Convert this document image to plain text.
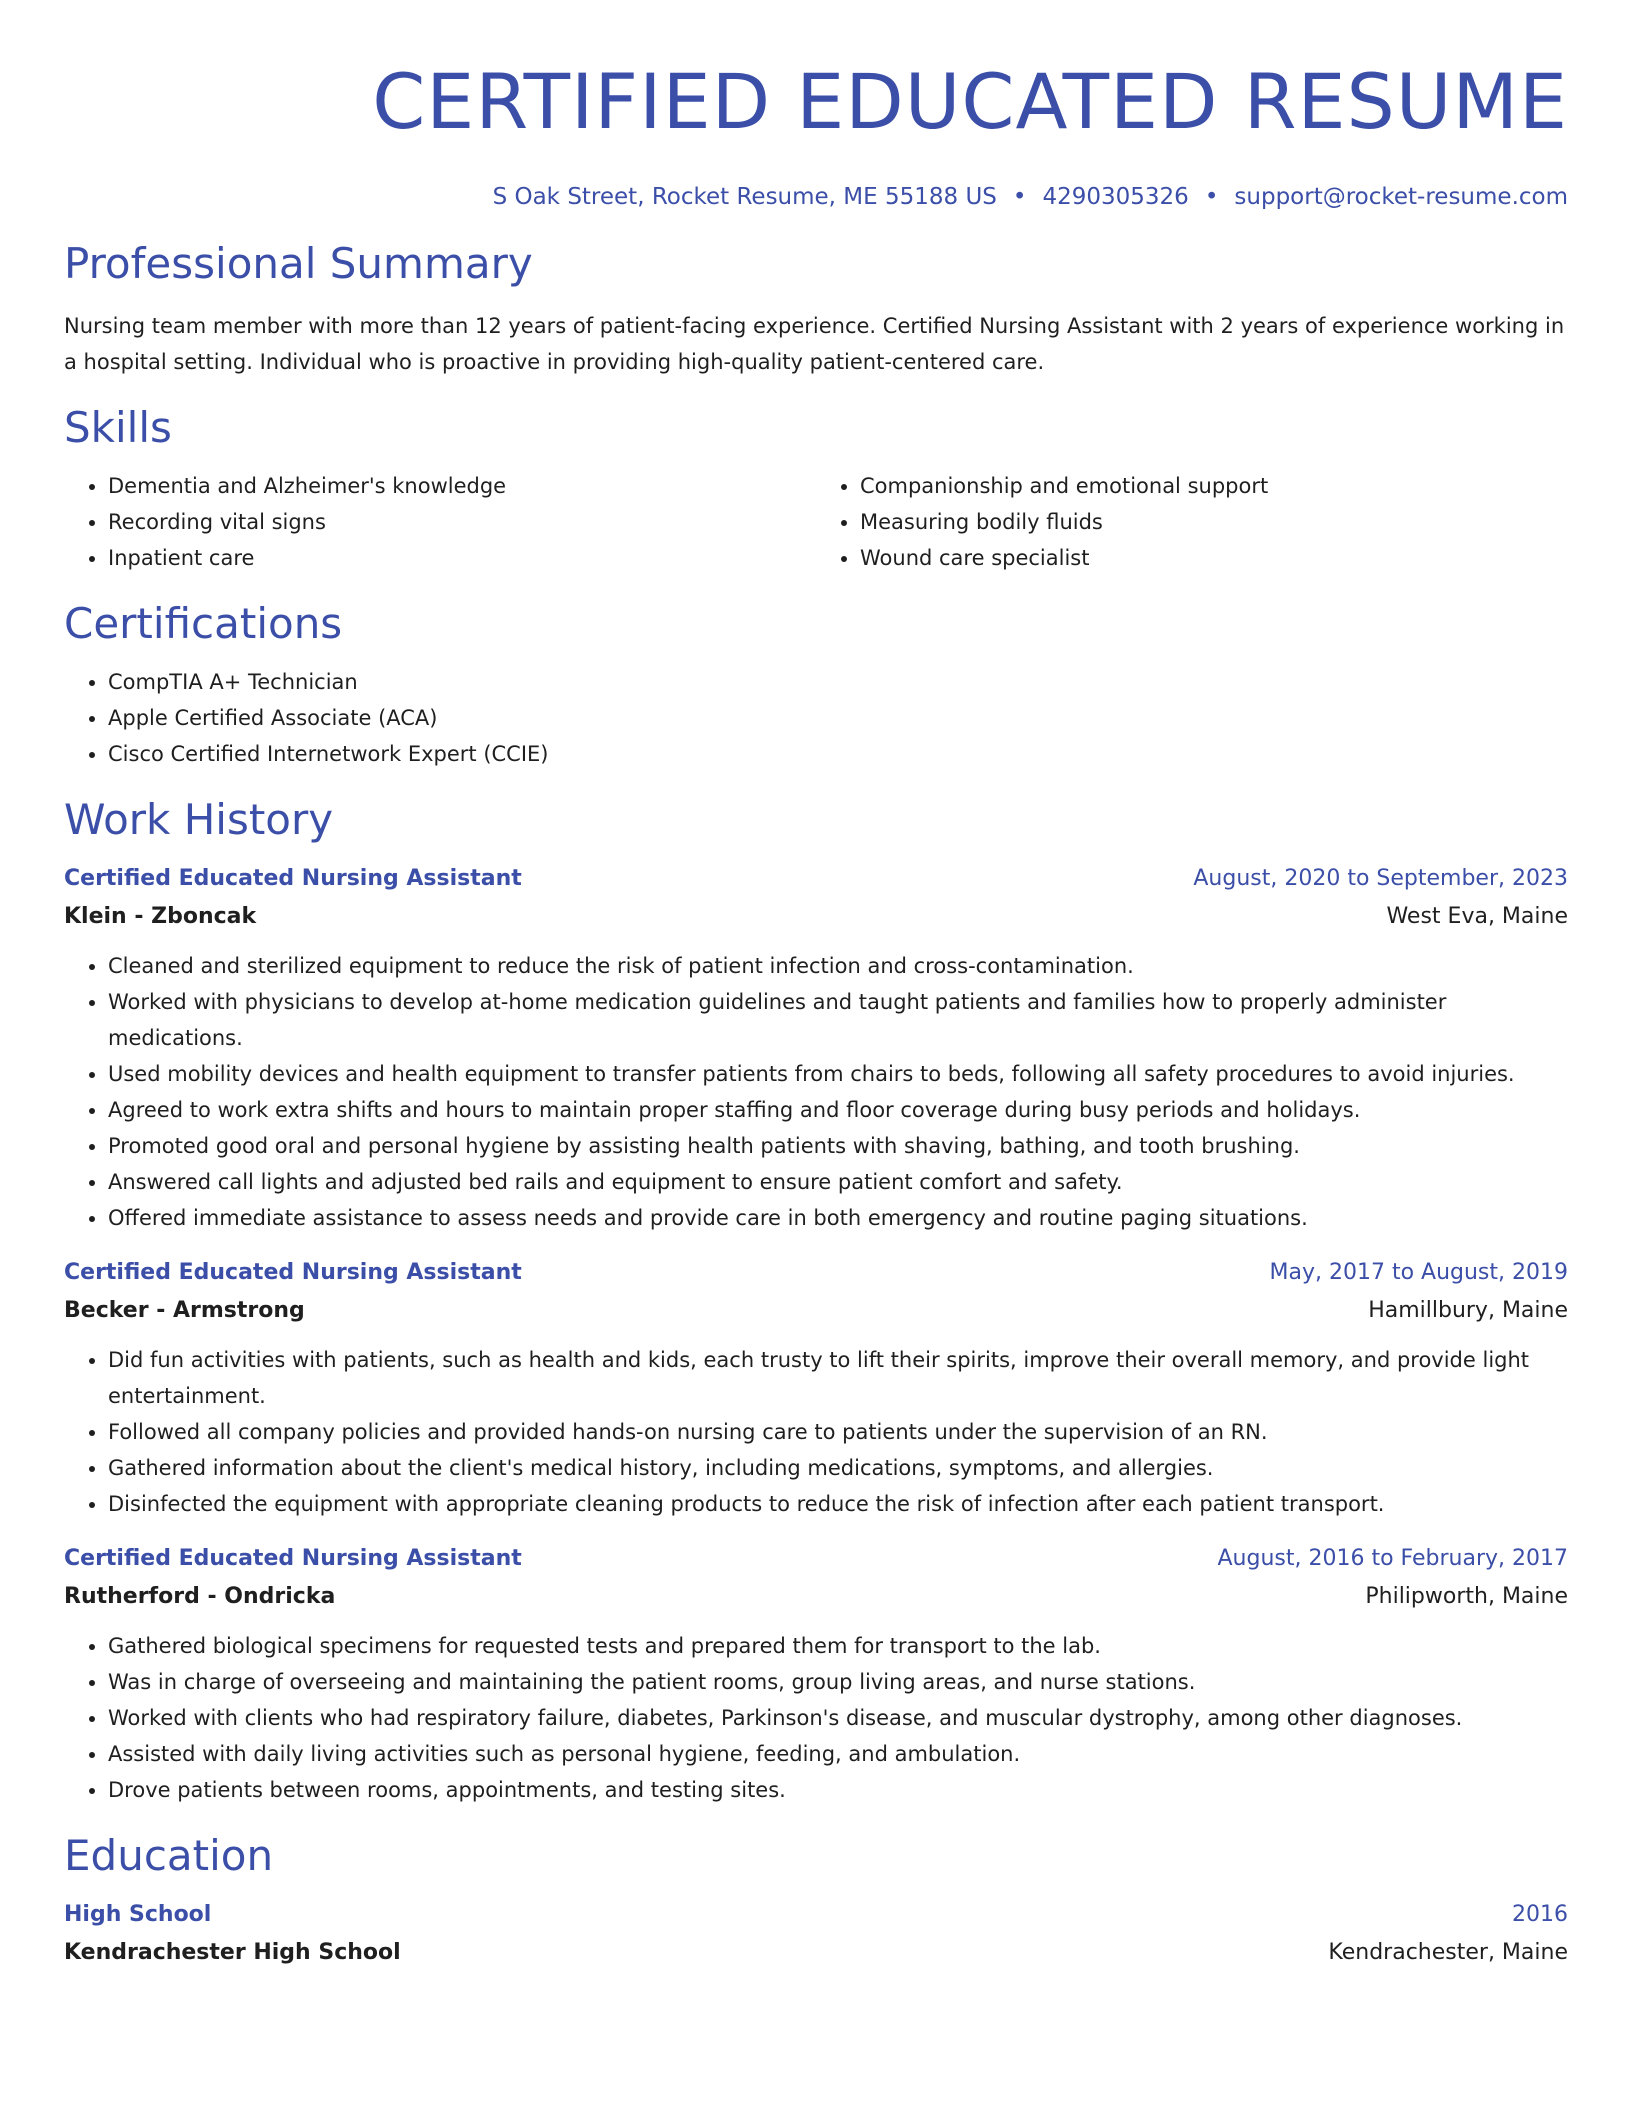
CERTIFIED EDUCATED RESUME
S Oak Street, Rocket Resume, ME 55188 US • 4290305326 • support@rocket-resume.com
Professional Summary

Nursing team member with more than 12 years of patient-facing experience. Certified Nursing Assistant with 2 years of experience working in a hospital setting. Individual who is proactive in providing high-quality patient-centered care.

Skills
• Dementia and Alzheimer's knowledge
• Recording vital signs
• Inpatient care
• Companionship and emotional support
• Measuring bodily fluids
• Wound care specialist
Certifications
• CompTIA A+ Technician
• Apple Certified Associate (ACA)
• Cisco Certified Internetwork Expert (CCIE)
Work History
Certified Educated Nursing Assistant	August, 2020 to September, 2023
Klein - Zboncak	West Eva, Maine
• Cleaned and sterilized equipment to reduce the risk of patient infection and cross-contamination.
• Worked with physicians to develop at-home medication guidelines and taught patients and families how to properly administer medications.
• Used mobility devices and health equipment to transfer patients from chairs to beds, following all safety procedures to avoid injuries.
• Agreed to work extra shifts and hours to maintain proper staffing and floor coverage during busy periods and holidays.
• Promoted good oral and personal hygiene by assisting health patients with shaving, bathing, and tooth brushing.
• Answered call lights and adjusted bed rails and equipment to ensure patient comfort and safety.
• Offered immediate assistance to assess needs and provide care in both emergency and routine paging situations.
Certified Educated Nursing Assistant	May, 2017 to August, 2019
Becker - Armstrong	Hamillbury, Maine
• Did fun activities with patients, such as health and kids, each trusty to lift their spirits, improve their overall memory, and provide light entertainment.
• Followed all company policies and provided hands-on nursing care to patients under the supervision of an RN.
• Gathered information about the client's medical history, including medications, symptoms, and allergies.
• Disinfected the equipment with appropriate cleaning products to reduce the risk of infection after each patient transport.
Certified Educated Nursing Assistant	August, 2016 to February, 2017
Rutherford - Ondricka	Philipworth, Maine
• Gathered biological specimens for requested tests and prepared them for transport to the lab.
• Was in charge of overseeing and maintaining the patient rooms, group living areas, and nurse stations.
• Worked with clients who had respiratory failure, diabetes, Parkinson's disease, and muscular dystrophy, among other diagnoses.
• Assisted with daily living activities such as personal hygiene, feeding, and ambulation.
• Drove patients between rooms, appointments, and testing sites.
Education
High School	2016
Kendrachester High School	Kendrachester, Maine
